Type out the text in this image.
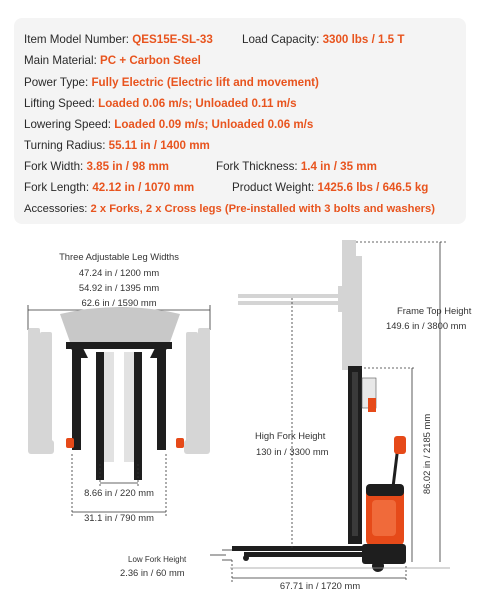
Item Model Number: QES15E-SL-33	Load Capacity: 3300 lbs / 1.5 T
Main Material: PC + Carbon Steel
Power Type: Fully Electric (Electric lift and movement)
Lifting Speed: Loaded 0.06 m/s; Unloaded 0.11 m/s
Lowering Speed: Loaded 0.09 m/s; Unloaded 0.06 m/s
Turning Radius: 55.11 in / 1400 mm
Fork Width: 3.85 in / 98 mm	Fork Thickness: 1.4 in / 35 mm
Fork Length: 42.12 in / 1070 mm	Product Weight: 1425.6 lbs / 646.5 kg
Accessories: 2 x Forks, 2 x Cross legs (Pre-installed with 3 bolts and washers)
Three Adjustable Leg Widths
47.24 in / 1200 mm
54.92 in / 1395 mm
62.6 in / 1590 mm
8.66 in / 220 mm
31.1 in / 790 mm
Frame Top Height
149.6 in / 3800 mm
High Fork Height
130 in / 3300 mm	86.02 in / 2185 mm
Low Fork Height
2.36 in / 60 mm
67.71 in / 1720 mm
